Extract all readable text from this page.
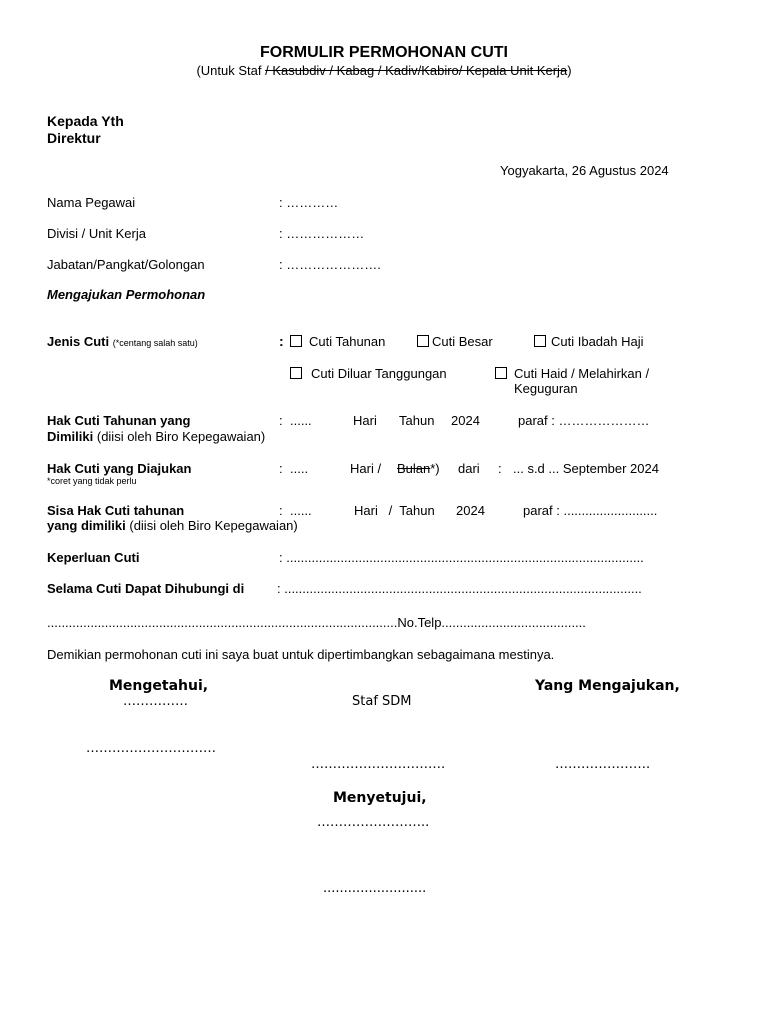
FORMULIR PERMOHONAN CUTI
(Untuk Staf / Kasubdiv / Kabag / Kadiv/Kabiro/ Kepala Unit Kerja)
Kepada Yth
Direktur
Yogyakarta, 26 Agustus 2024
Nama Pegawai	: …………
Divisi / Unit Kerja	: ………………
Jabatan/Pangkat/Golongan	: ………………….
Mengajukan Permohonan
Jenis Cuti (*centang salah satu)	:	Cuti Tahunan	Cuti Besar	Cuti Ibadah Haji
Cuti Diluar Tanggungan	Cuti Haid / Melahirkan /
Keguguran
Hak Cuti Tahunan yang
Dimiliki (diisi oleh Biro Kepegawaian)
: ......	Hari Tahun 2024	paraf : …………………
Hak Cuti yang Diajukan
*coret yang tidak perlu
: .....	Hari / Bulan*) dari : ... s.d ... September 2024
Sisa Hak Cuti tahunan
yang dimiliki (diisi oleh Biro Kepegawaian)
: ......	Hari   /  Tahun 2024	paraf : ..........................
Keperluan Cuti	: ...................................................................................................
Selama Cuti Dapat Dihubungi di	: ...................................................................................................
.................................................................................................No.Telp........................................
Demikian permohonan cuti ini saya buat untuk dipertimbangkan sebagaimana mestinya.
Mengetahui,
……………	Staf SDM
Yang Mengajukan,
…………………………
………………………….	………………….
Menyetujui,
……………………..
.........................
